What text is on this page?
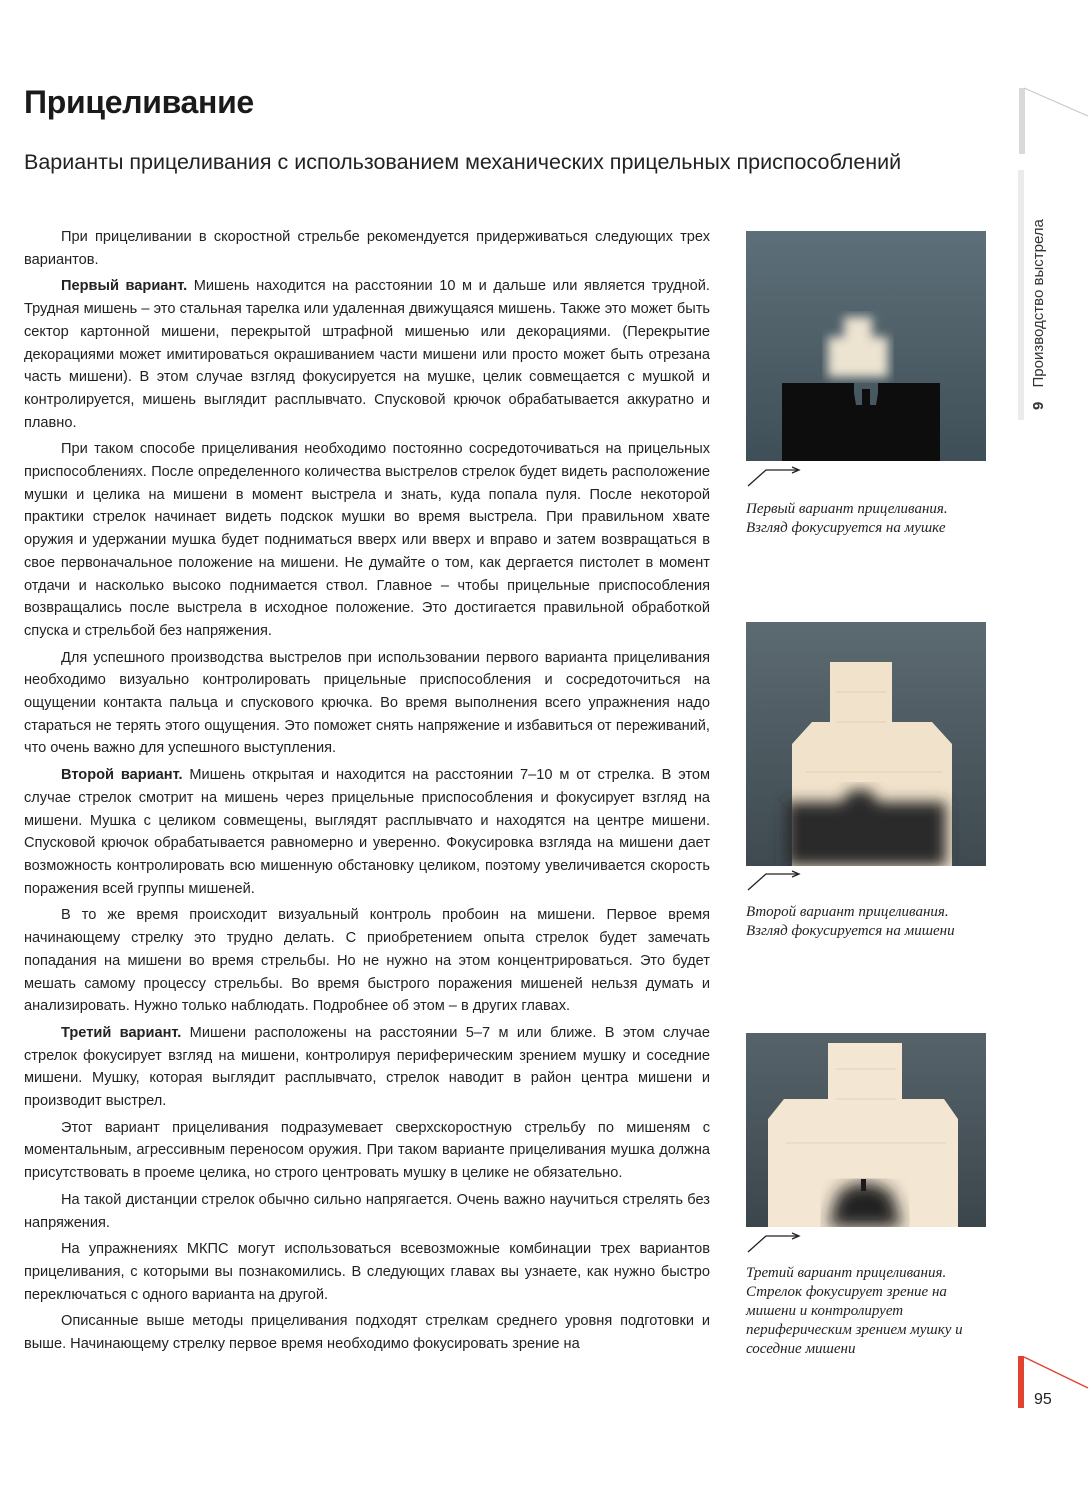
Прицеливание
Варианты прицеливания с использованием механических прицельных приспособлений
9 Производство выстрела

При прицеливании в скоростной стрельбе рекомендуется придерживаться следующих трех вариантов.

Первый вариант. Мишень находится на расстоянии 10 м и дальше или является трудной. Трудная мишень – это стальная тарелка или удаленная движущаяся мишень. Также это может быть сектор картонной мишени, перекрытой штрафной мишенью или декорациями. (Перекрытие декорациями может имитироваться окрашиванием части мишени или просто может быть отрезана часть мишени). В этом случае взгляд фокусируется на мушке, целик совмещается с мушкой и контролируется, мишень выглядит расплывчато. Спусковой крючок обрабатывается аккуратно и плавно.

При таком способе прицеливания необходимо постоянно сосредоточиваться на прицельных приспособлениях. После определенного количества выстрелов стрелок будет видеть расположение мушки и целика на мишени в момент выстрела и знать, куда попала пуля. После некоторой практики стрелок начинает видеть подскок мушки во время выстрела. При правильном хвате оружия и удержании мушка будет подниматься вверх или вверх и вправо и затем возвращаться в свое первоначальное положение на мишени. Не думайте о том, как дергается пистолет в момент отдачи и насколько высоко поднимается ствол. Главное – чтобы прицельные приспособления возвращались после выстрела в исходное положение. Это достигается правильной обработкой спуска и стрельбой без напряжения.

Для успешного производства выстрелов при использовании первого варианта прицеливания необходимо визуально контролировать прицельные приспособления и сосредоточиться на ощущении контакта пальца и спускового крючка. Во время выполнения всего упражнения надо стараться не терять этого ощущения. Это поможет снять напряжение и избавиться от переживаний, что очень важно для успешного выступления.

Второй вариант. Мишень открытая и находится на расстоянии 7–10 м от стрелка. В этом случае стрелок смотрит на мишень через прицельные приспособления и фокусирует взгляд на мишени. Мушка с целиком совмещены, выглядят расплывчато и находятся на центре мишени. Спусковой крючок обрабатывается равномерно и уверенно. Фокусировка взгляда на мишени дает возможность контролировать всю мишенную обстановку целиком, поэтому увеличивается скорость поражения всей группы мишеней.

В то же время происходит визуальный контроль пробоин на мишени. Первое время начинающему стрелку это трудно делать. С приобретением опыта стрелок будет замечать попадания на мишени во время стрельбы. Но не нужно на этом концентрироваться. Это будет мешать самому процессу стрельбы. Во время быстрого поражения мишеней нельзя думать и анализировать. Нужно только наблюдать. Подробнее об этом – в других главах.

Третий вариант. Мишени расположены на расстоянии 5–7 м или ближе. В этом случае стрелок фокусирует взгляд на мишени, контролируя периферическим зрением мушку и соседние мишени. Мушку, которая выглядит расплывчато, стрелок наводит в район центра мишени и производит выстрел.

Этот вариант прицеливания подразумевает сверхскоростную стрельбу по мишеням с моментальным, агрессивным переносом оружия. При таком варианте прицеливания мушка должна присутствовать в проеме целика, но строго центровать мушку в целике не обязательно.

На такой дистанции стрелок обычно сильно напрягается. Очень важно научиться стрелять без напряжения.

На упражнениях МКПС могут использоваться всевозможные комбинации трех вариантов прицеливания, с которыми вы познакомились. В следующих главах вы узнаете, как нужно быстро переключаться с одного варианта на другой.

Описанные выше методы прицеливания подходят стрелкам среднего уровня подготовки и выше. Начинающему стрелку первое время необходимо фокусировать зрение на

Первый вариант прицеливания. Взгляд фокусируется на мушке
Второй вариант прицеливания. Взгляд фокусируется на мишени
Третий вариант прицеливания. Стрелок фокусирует зрение на мишени и контролирует периферическим зрением мушку и соседние мишени
95
